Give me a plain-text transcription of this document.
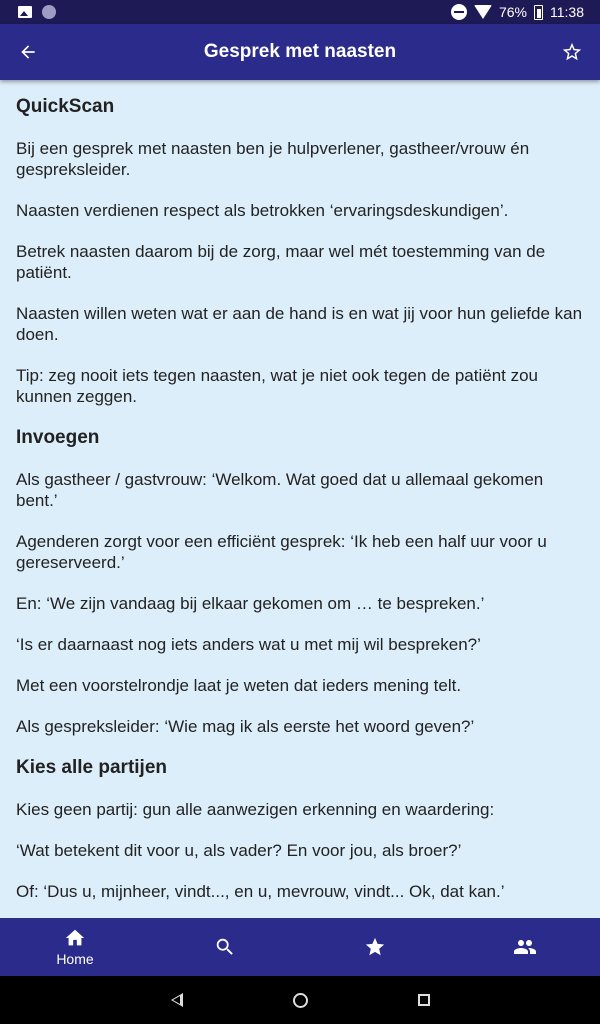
76% 11:38
Gesprek met naasten
QuickScan

Bij een gesprek met naasten ben je hulpverlener, gastheer/vrouw én gespreksleider.

Naasten verdienen respect als betrokken ‘ervaringsdeskundigen’.

Betrek naasten daarom bij de zorg, maar wel mét toestemming van de patiënt.

Naasten willen weten wat er aan de hand is en wat jij voor hun geliefde kan doen.

Tip: zeg nooit iets tegen naasten, wat je niet ook tegen de patiënt zou kunnen zeggen.

Invoegen

Als gastheer / gastvrouw: ‘Welkom. Wat goed dat u allemaal gekomen bent.’

Agenderen zorgt voor een efficiënt gesprek: ‘Ik heb een half uur voor u gereserveerd.’

En: ‘We zijn vandaag bij elkaar gekomen om … te bespreken.’

‘Is er daarnaast nog iets anders wat u met mij wil bespreken?’

Met een voorstelrondje laat je weten dat ieders mening telt.

Als gespreksleider: ‘Wie mag ik als eerste het woord geven?’

Kies alle partijen

Kies geen partij: gun alle aanwezigen erkenning en waardering:

‘Wat betekent dit voor u, als vader? En voor jou, als broer?’

Of: ‘Dus u, mijnheer, vindt..., en u, mevrouw, vindt... Ok, dat kan.’

Home
